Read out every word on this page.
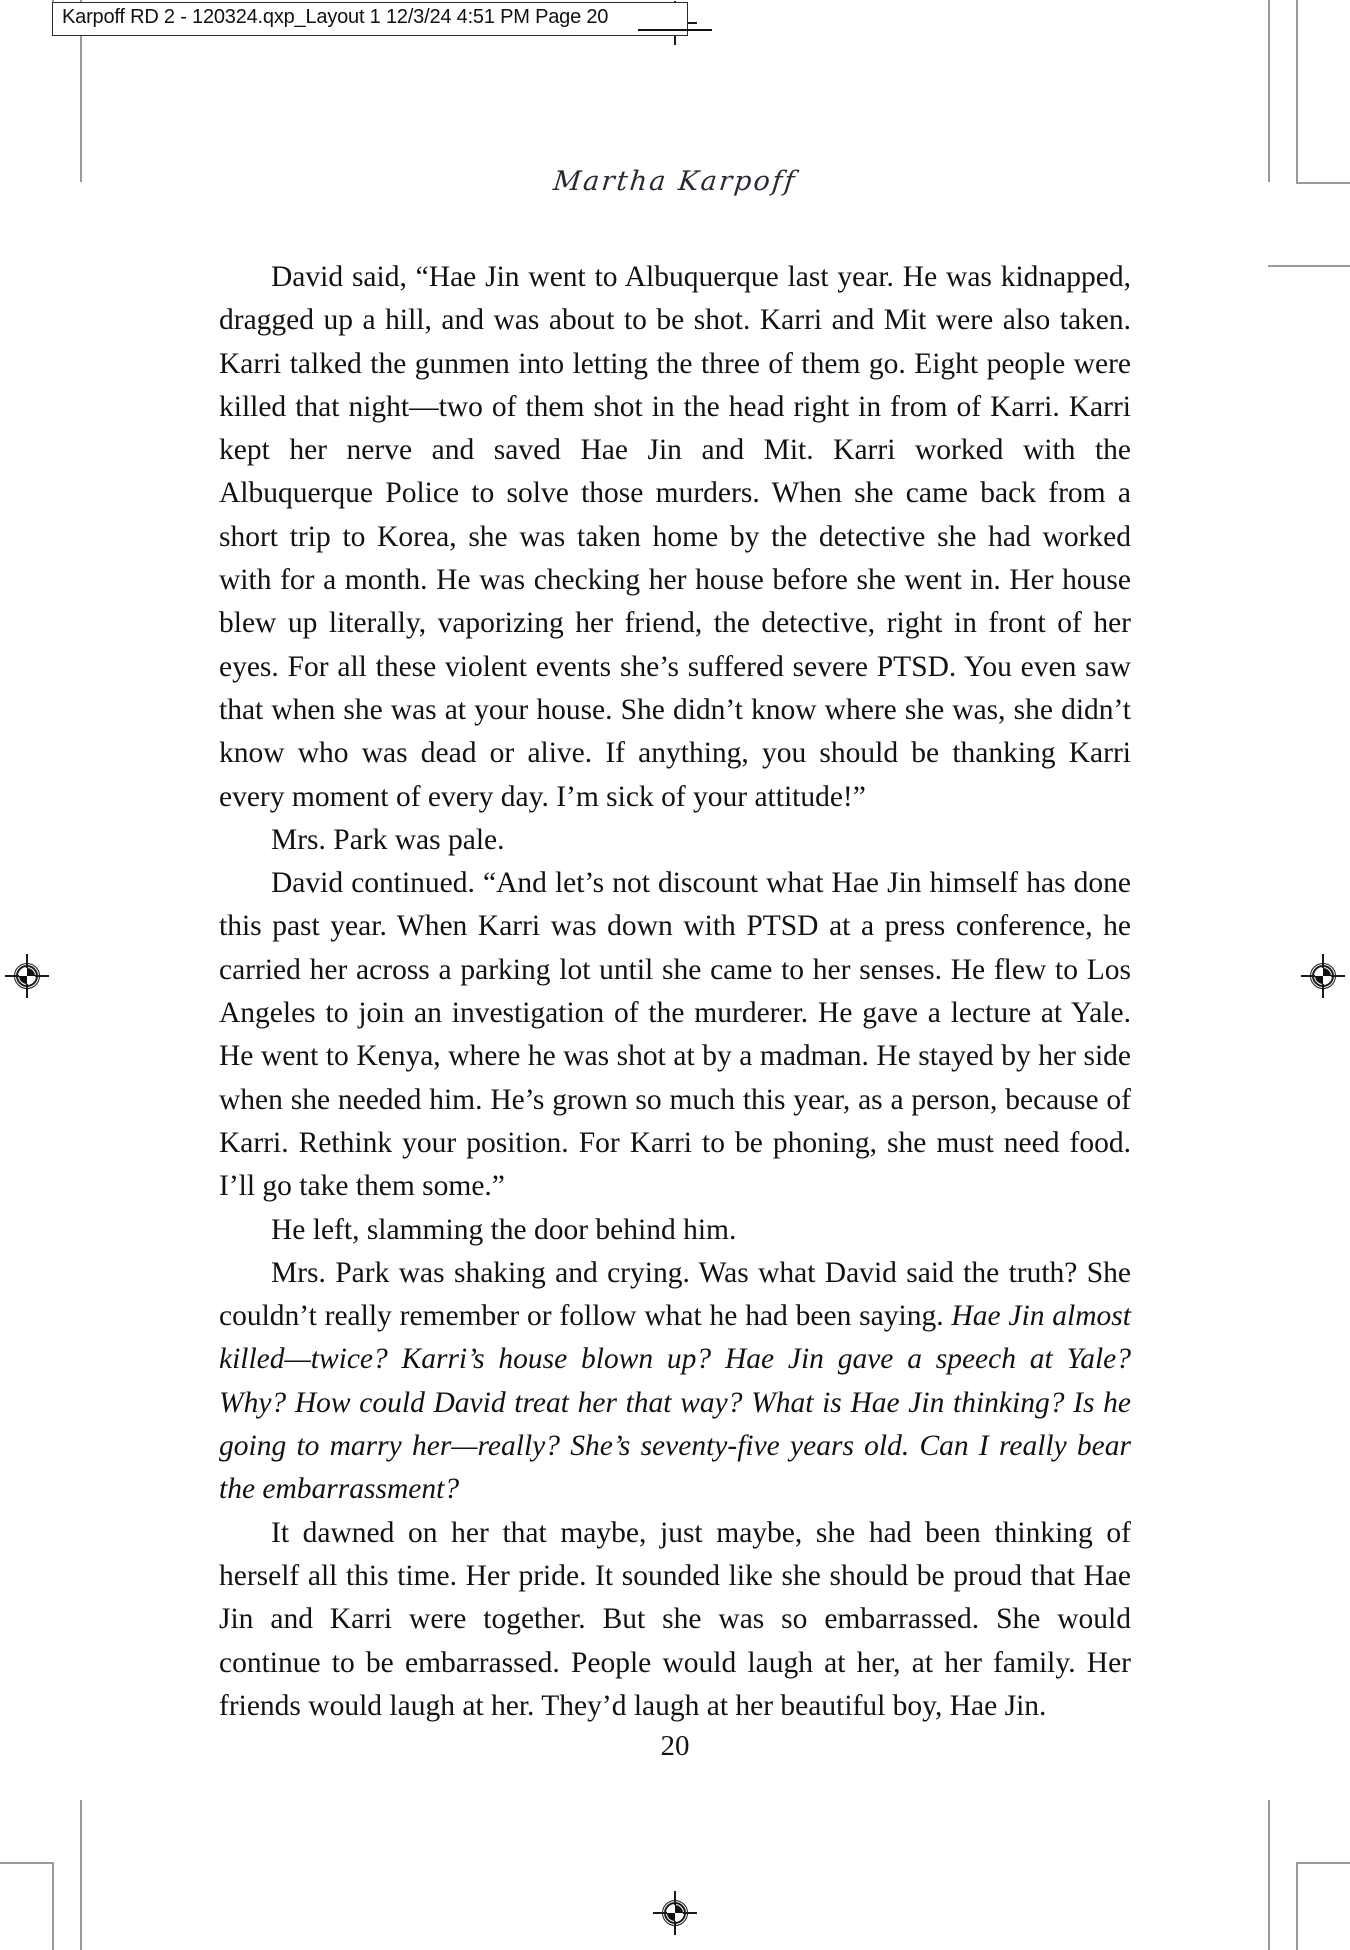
Karpoff RD 2 - 120324.qxp_Layout 1 12/3/24 4:51 PM Page 20
Martha Karpoff

David said, “Hae Jin went to Albuquerque last year. He was kidnapped, dragged up a hill, and was about to be shot. Karri and Mit were also taken. Karri talked the gunmen into letting the three of them go. Eight people were killed that night—two of them shot in the head right in from of Karri. Karri kept her nerve and saved Hae Jin and Mit. Karri worked with the Albuquerque Police to solve those murders. When she came back from a short trip to Korea, she was taken home by the detective she had worked with for a month. He was checking her house before she went in. Her house blew up literally, vaporizing her friend, the detective, right in front of her eyes. For all these violent events she’s suffered severe PTSD. You even saw that when she was at your house. She didn’t know where she was, she didn’t know who was dead or alive. If anything, you should be thanking Karri every moment of every day. I’m sick of your attitude!”

Mrs. Park was pale.

David continued. “And let’s not discount what Hae Jin himself has done this past year. When Karri was down with PTSD at a press conference, he carried her across a parking lot until she came to her senses. He flew to Los Angeles to join an investigation of the murderer. He gave a lecture at Yale. He went to Kenya, where he was shot at by a madman. He stayed by her side when she needed him. He’s grown so much this year, as a person, because of Karri. Rethink your position. For Karri to be phoning, she must need food. I’ll go take them some.”

He left, slamming the door behind him.

Mrs. Park was shaking and crying. Was what David said the truth? She couldn’t really remember or follow what he had been saying. Hae Jin almost killed—twice? Karri’s house blown up? Hae Jin gave a speech at Yale? Why? How could David treat her that way? What is Hae Jin thinking? Is he going to marry her—really? She’s seventy-five years old. Can I really bear the embarrassment?

It dawned on her that maybe, just maybe, she had been thinking of herself all this time. Her pride. It sounded like she should be proud that Hae Jin and Karri were together. But she was so embarrassed. She would continue to be embarrassed. People would laugh at her, at her family. Her friends would laugh at her. They’d laugh at her beautiful boy, Hae Jin.

20
